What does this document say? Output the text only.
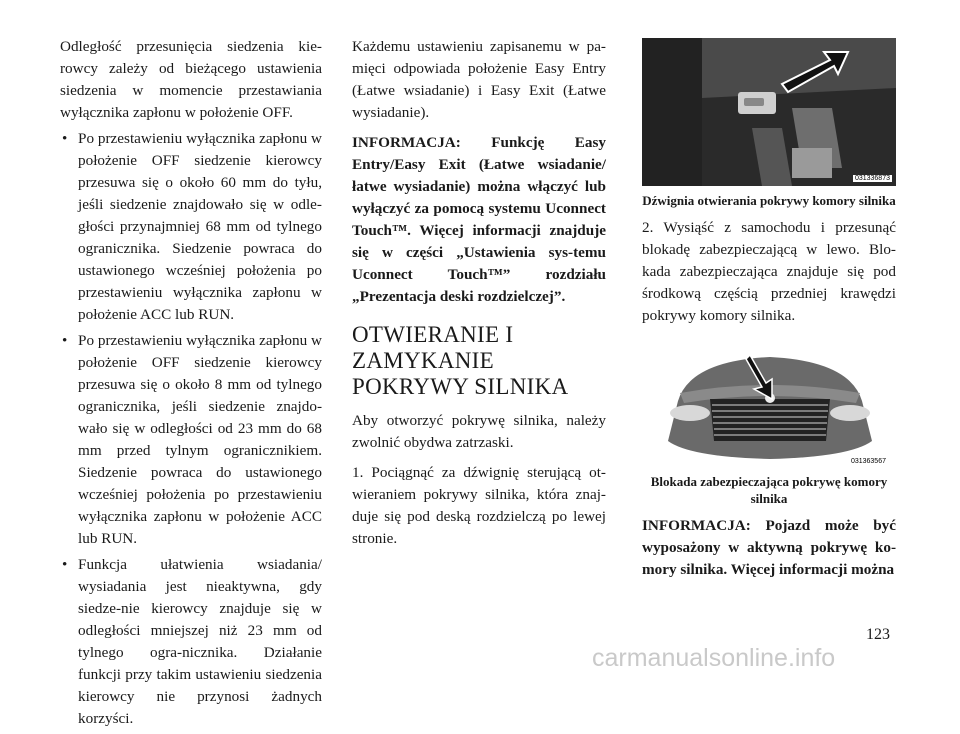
Odległość przesunięcia siedzenia kie-rowcy zależy od bieżącego ustawienia siedzenia w momencie przestawiania wyłącznika zapłonu w położenie OFF.

• Po przestawieniu wyłącznika zapłonu w położenie OFF siedzenie kierowcy przesuwa się o około 60 mm do tyłu, jeśli siedzenie znajdowało się w odle-głości przynajmniej 68 mm od tylnego ogranicznika. Siedzenie powraca do ustawionego wcześniej położenia po przestawieniu wyłącznika zapłonu w położenie ACC lub RUN.
• Po przestawieniu wyłącznika zapłonu w położenie OFF siedzenie kierowcy przesuwa się o około 8 mm od tylnego ogranicznika, jeśli siedzenie znajdo-wało się w odległości od 23 mm do 68 mm przed tylnym ogranicznikiem. Siedzenie powraca do ustawionego wcześniej położenia po przestawieniu wyłącznika zapłonu w położenie ACC lub RUN.
• Funkcja ułatwienia wsiadania/ wysiadania jest nieaktywna, gdy siedze-nie kierowcy znajduje się w odległości mniejszej niż 23 mm od tylnego ogra-nicznika. Działanie funkcji przy takim ustawieniu siedzenia kierowcy nie przynosi żadnych korzyści.

Każdemu ustawieniu zapisanemu w pa-mięci odpowiada położenie Easy Entry (Łatwe wsiadanie) i Easy Exit (Łatwe wysiadanie).

INFORMACJA: Funkcję Easy Entry/Easy Exit (Łatwe wsiadanie/ łatwe wysiadanie) można włączyć lub wyłączyć za pomocą systemu Uconnect Touch™. Więcej informacji znajduje się w części „Ustawienia sys-temu Uconnect Touch™” rozdziału „Prezentacja deski rozdzielczej”.

OTWIERANIE I ZAMYKANIE POKRYWY SILNIKA

Aby otworzyć pokrywę silnika, należy zwolnić obydwa zatrzaski.

1. Pociągnąć za dźwignię sterującą ot-wieraniem pokrywy silnika, która znaj-duje się pod deską rozdzielczą po lewej stronie.

031336873
Dźwignia otwierania pokrywy komory silnika

2. Wysiąść z samochodu i przesunąć blokadę zabezpieczającą w lewo. Blo-kada zabezpieczająca znajduje się pod środkową częścią przedniej krawędzi pokrywy komory silnika.

031363567
Blokada zabezpieczająca pokrywę komory silnika

INFORMACJA: Pojazd może być wyposażony w aktywną pokrywę ko-mory silnika. Więcej informacji można

123
carmanualsonline.info
